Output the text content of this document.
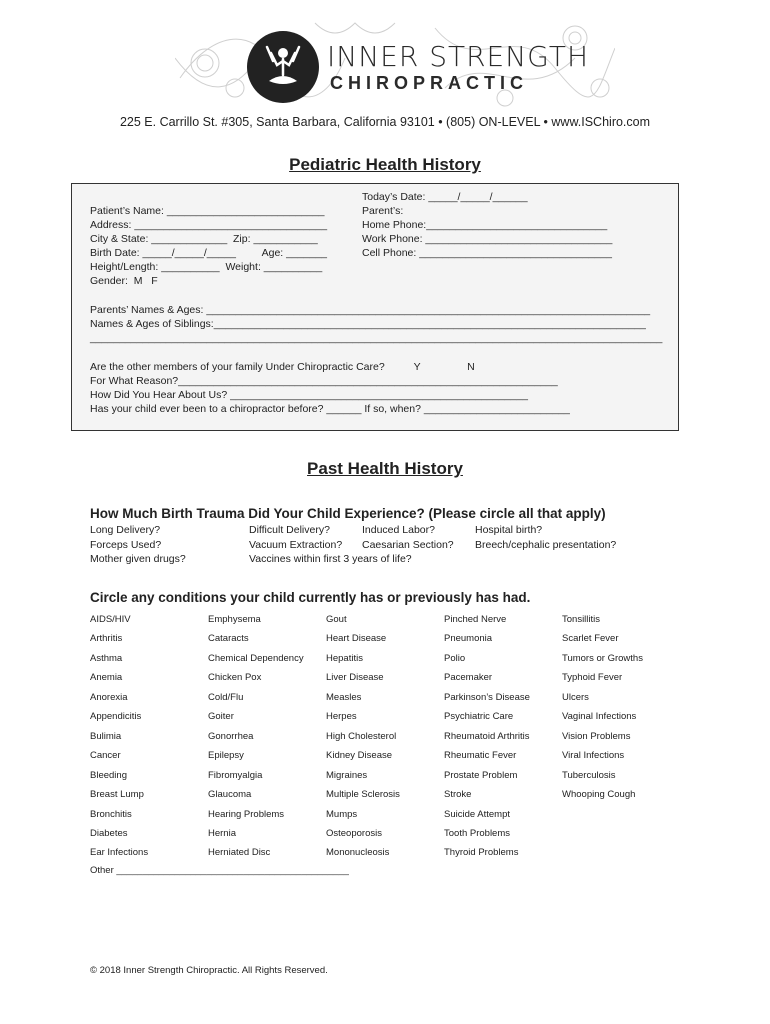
INNER STRENGTH
CHIROPRACTIC
225 E. Carrillo St. #305, Santa Barbara, California 93101 • (805) ON-LEVEL • www.ISChiro.com
Pediatric Health History
Today’s Date: _____/_____/______
Patient’s Name: ___________________________	Parent’s:
Address: _________________________________	Home Phone:_______________________________
City & State: _____________  Zip: ___________	Work Phone: ________________________________
Birth Date: _____/_____/_____         Age: _______	Cell Phone: _________________________________
Height/Length: __________  Weight: __________
Gender:  M   F
Parents’ Names & Ages: ____________________________________________________________________________
Names & Ages of Siblings:__________________________________________________________________________
__________________________________________________________________________________________________
Are the other members of your family Under Chiropractic Care?          Y                N
For What Reason?_________________________________________________________________
How Did You Hear About Us? ___________________________________________________
Has your child ever been to a chiropractor before? ______ If so, when? _________________________
Past Health History
How Much Birth Trauma Did Your Child Experience? (Please circle all that apply)
Long Delivery?	Difficult Delivery?	Induced Labor?	Hospital birth?
Forceps Used?	Vacuum Extraction? Caesarian Section? Breech/cephalic presentation?
Mother given drugs?	Vaccines within first 3 years of life?
Circle any conditions your child currently has or previously has had.
AIDS/HIV	Emphysema	Gout	Pinched Nerve	Tonsillitis
Arthritis	Cataracts	Heart Disease	Pneumonia	Scarlet Fever
Asthma	Chemical Dependency Hepatitis	Polio	Tumors or Growths
Anemia	Chicken Pox	Liver Disease	Pacemaker	Typhoid Fever
Anorexia	Cold/Flu	Measles	Parkinson’s Disease	Ulcers
Appendicitis	Goiter	Herpes	Psychiatric Care	Vaginal Infections
Bulimia	Gonorrhea	High Cholesterol	Rheumatoid Arthritis	Vision Problems
Cancer	Epilepsy	Kidney Disease	Rheumatic Fever	Viral Infections
Bleeding	Fibromyalgia	Migraines	Prostate Problem	Tuberculosis
Breast Lump	Glaucoma	Multiple Sclerosis	Stroke	Whooping Cough
Bronchitis	Hearing Problems	Mumps	Suicide Attempt
Diabetes	Hernia	Osteoporosis	Tooth Problems
Ear Infections	Herniated Disc	Mononucleosis	Thyroid Problems
Other ____________________________________________
© 2018 Inner Strength Chiropractic. All Rights Reserved.
